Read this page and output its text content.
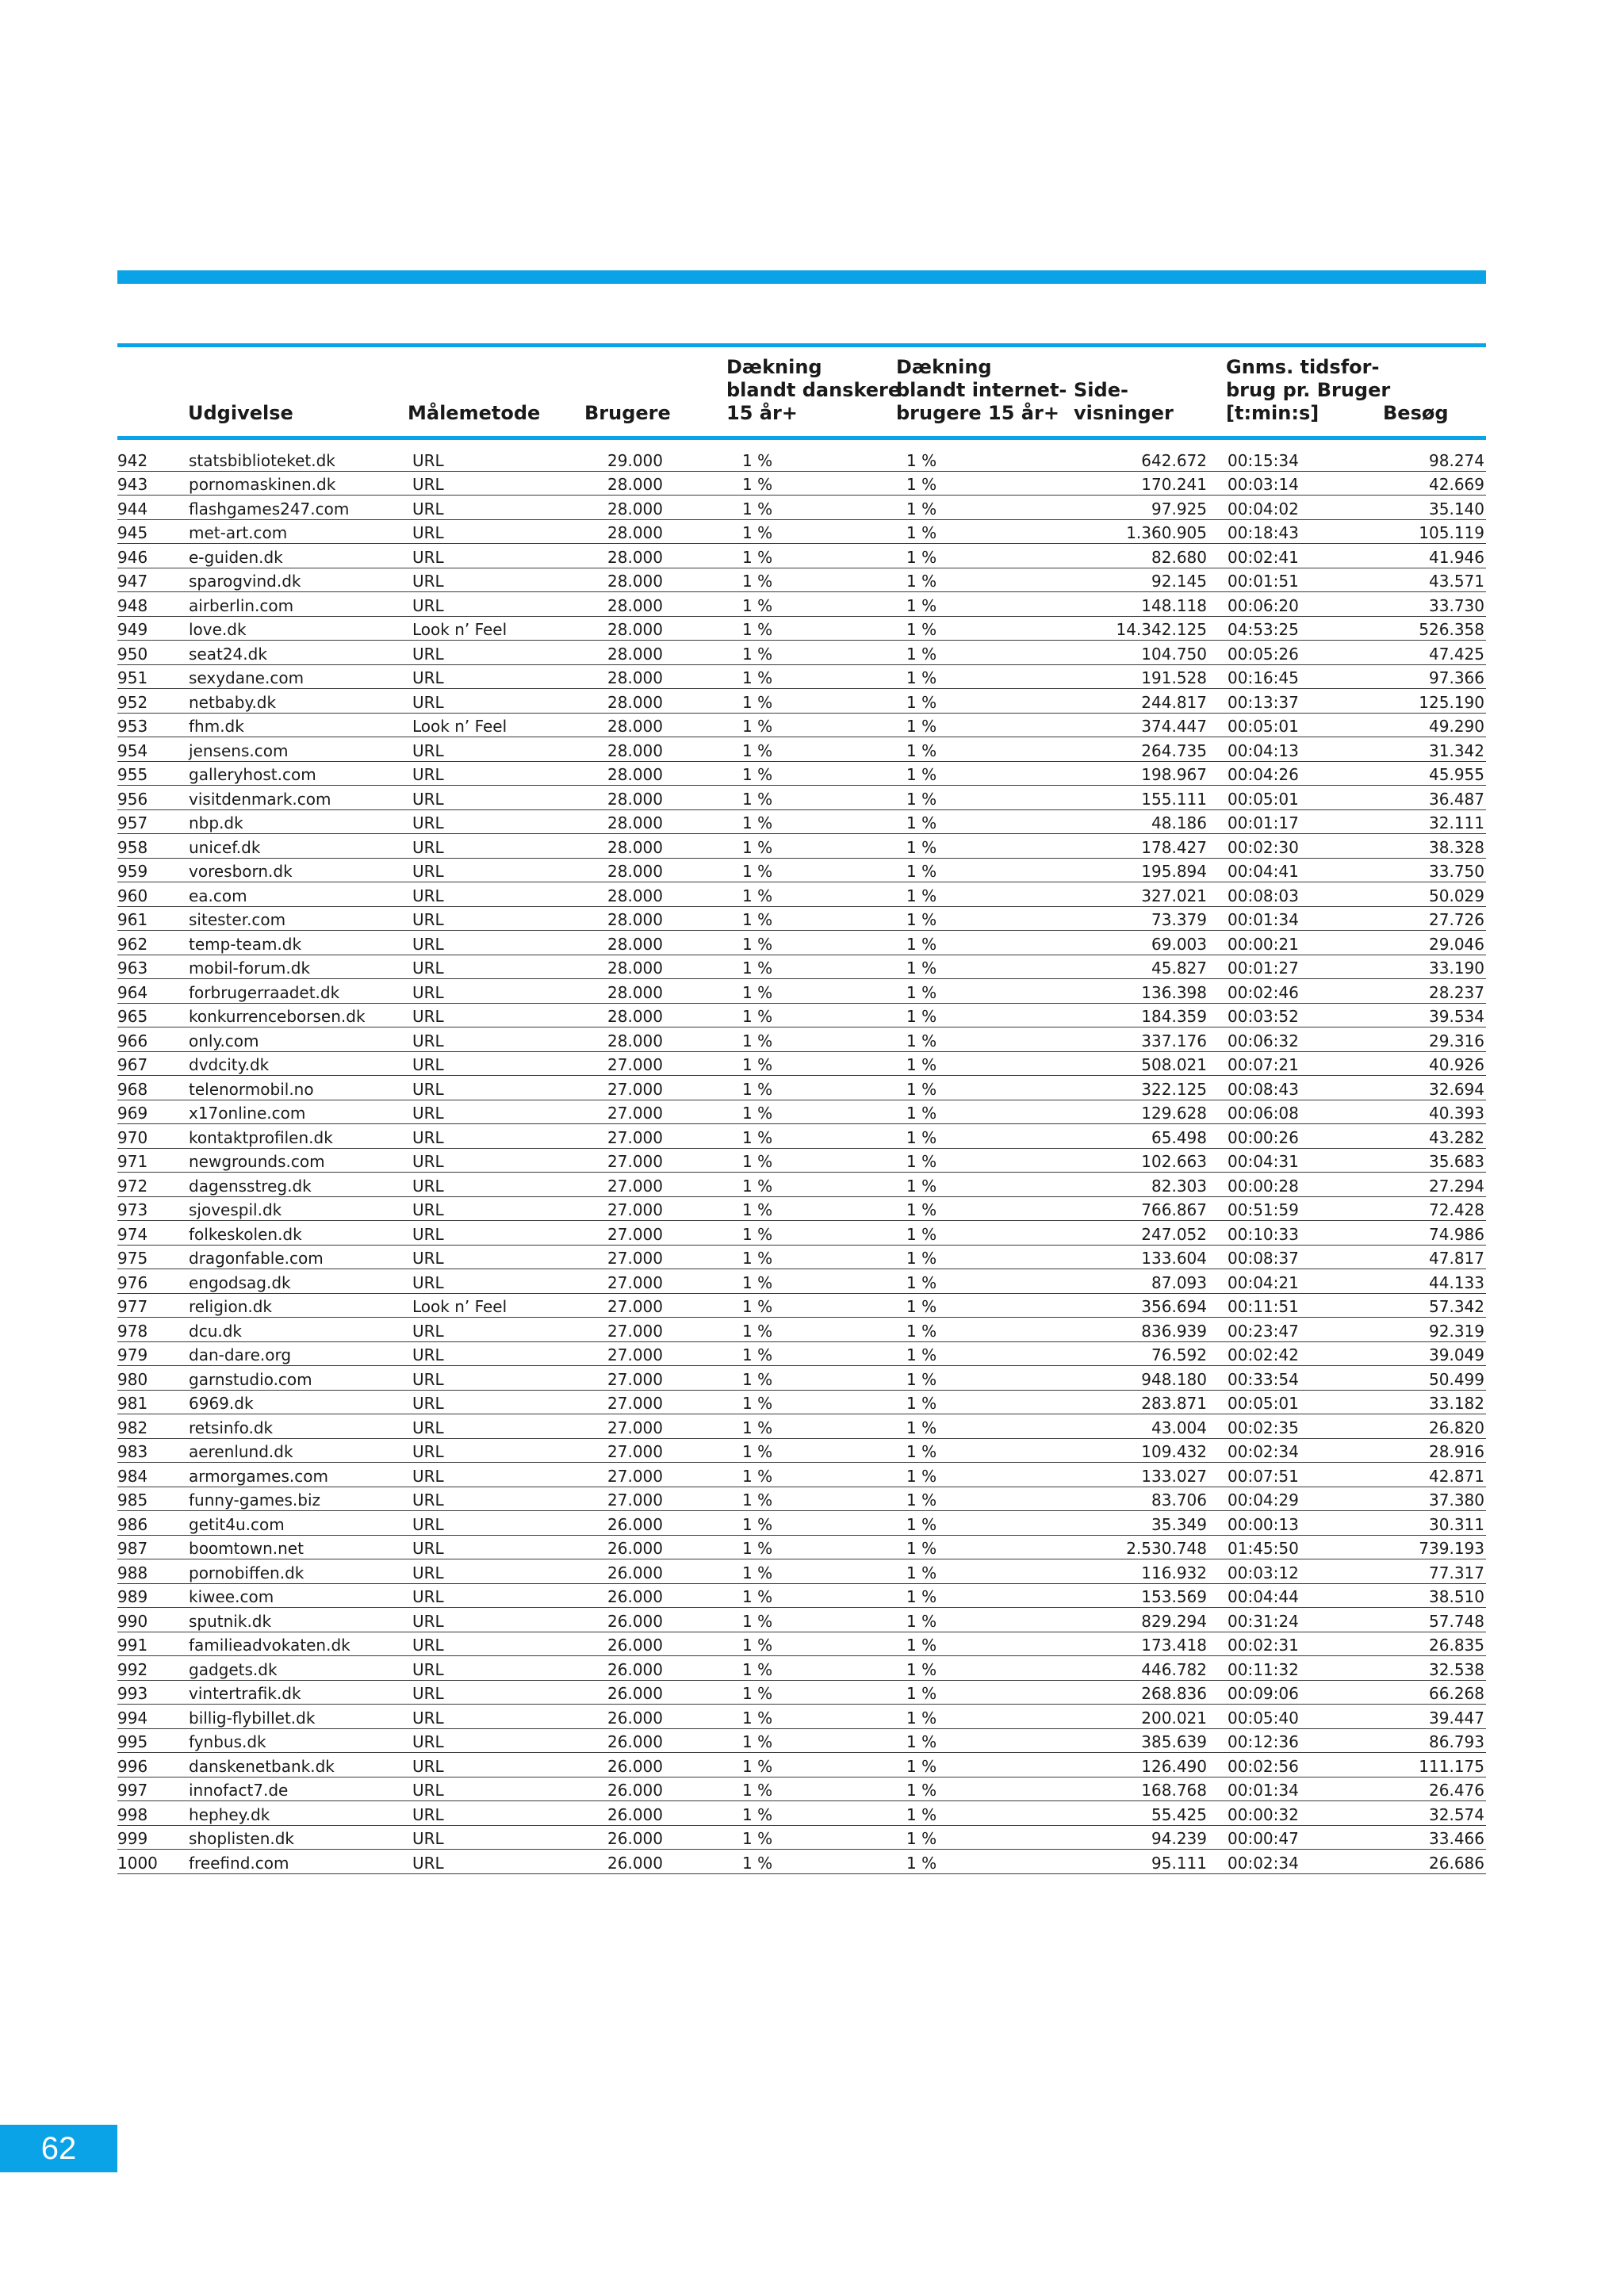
Udgivelse	Målemetode Brugere
Dækning
blandt danskere
15 år+
Dækning
blandt internet-
brugere 15 år+
Side-
visninger
Gnms. tidsfor-
brug pr. Bruger
[t:min:s]	Besøg
942	statsbiblioteket.dk	URL	29.000	1 %	1 %	642.672 00:15:34	98.274
943	pornomaskinen.dk	URL	28.000	1 %	1 %	170.241 00:03:14	42.669
944	flashgames247.com	URL	28.000	1 %	1 %	97.925 00:04:02	35.140
945	met-art.com	URL	28.000	1 %	1 %	1.360.905 00:18:43	105.119
946	e-guiden.dk	URL	28.000	1 %	1 %	82.680 00:02:41	41.946
947	sparogvind.dk	URL	28.000	1 %	1 %	92.145 00:01:51	43.571
948	airberlin.com	URL	28.000	1 %	1 %	148.118 00:06:20	33.730
949	love.dk	Look n’ Feel	28.000	1 %	1 %	14.342.125 04:53:25	526.358
950	seat24.dk	URL	28.000	1 %	1 %	104.750 00:05:26	47.425
951	sexydane.com	URL	28.000	1 %	1 %	191.528 00:16:45	97.366
952	netbaby.dk	URL	28.000	1 %	1 %	244.817 00:13:37	125.190
953	fhm.dk	Look n’ Feel	28.000	1 %	1 %	374.447 00:05:01	49.290
954	jensens.com	URL	28.000	1 %	1 %	264.735 00:04:13	31.342
955	galleryhost.com	URL	28.000	1 %	1 %	198.967 00:04:26	45.955
956	visitdenmark.com	URL	28.000	1 %	1 %	155.111 00:05:01	36.487
957	nbp.dk	URL	28.000	1 %	1 %	48.186 00:01:17	32.111
958	unicef.dk	URL	28.000	1 %	1 %	178.427 00:02:30	38.328
959	voresborn.dk	URL	28.000	1 %	1 %	195.894 00:04:41	33.750
960	ea.com	URL	28.000	1 %	1 %	327.021 00:08:03	50.029
961	sitester.com	URL	28.000	1 %	1 %	73.379 00:01:34	27.726
962	temp-team.dk	URL	28.000	1 %	1 %	69.003 00:00:21	29.046
963	mobil-forum.dk	URL	28.000	1 %	1 %	45.827 00:01:27	33.190
964	forbrugerraadet.dk	URL	28.000	1 %	1 %	136.398 00:02:46	28.237
965	konkurrenceborsen.dk	URL	28.000	1 %	1 %	184.359 00:03:52	39.534
966	only.com	URL	28.000	1 %	1 %	337.176 00:06:32	29.316
967	dvdcity.dk	URL	27.000	1 %	1 %	508.021 00:07:21	40.926
968	telenormobil.no	URL	27.000	1 %	1 %	322.125 00:08:43	32.694
969	x17online.com	URL	27.000	1 %	1 %	129.628 00:06:08	40.393
970	kontaktprofilen.dk	URL	27.000	1 %	1 %	65.498 00:00:26	43.282
971	newgrounds.com	URL	27.000	1 %	1 %	102.663 00:04:31	35.683
972	dagensstreg.dk	URL	27.000	1 %	1 %	82.303 00:00:28	27.294
973	sjovespil.dk	URL	27.000	1 %	1 %	766.867 00:51:59	72.428
974	folkeskolen.dk	URL	27.000	1 %	1 %	247.052 00:10:33	74.986
975	dragonfable.com	URL	27.000	1 %	1 %	133.604 00:08:37	47.817
976	engodsag.dk	URL	27.000	1 %	1 %	87.093 00:04:21	44.133
977	religion.dk	Look n’ Feel	27.000	1 %	1 %	356.694 00:11:51	57.342
978	dcu.dk	URL	27.000	1 %	1 %	836.939 00:23:47	92.319
979	dan-dare.org	URL	27.000	1 %	1 %	76.592 00:02:42	39.049
980	garnstudio.com	URL	27.000	1 %	1 %	948.180 00:33:54	50.499
981	6969.dk	URL	27.000	1 %	1 %	283.871 00:05:01	33.182
982	retsinfo.dk	URL	27.000	1 %	1 %	43.004 00:02:35	26.820
983	aerenlund.dk	URL	27.000	1 %	1 %	109.432 00:02:34	28.916
984	armorgames.com	URL	27.000	1 %	1 %	133.027 00:07:51	42.871
985	funny-games.biz	URL	27.000	1 %	1 %	83.706 00:04:29	37.380
986	getit4u.com	URL	26.000	1 %	1 %	35.349 00:00:13	30.311
987	boomtown.net	URL	26.000	1 %	1 %	2.530.748 01:45:50	739.193
988	pornobiffen.dk	URL	26.000	1 %	1 %	116.932 00:03:12	77.317
989	kiwee.com	URL	26.000	1 %	1 %	153.569 00:04:44	38.510
990	sputnik.dk	URL	26.000	1 %	1 %	829.294 00:31:24	57.748
991	familieadvokaten.dk	URL	26.000	1 %	1 %	173.418 00:02:31	26.835
992	gadgets.dk	URL	26.000	1 %	1 %	446.782 00:11:32	32.538
993	vintertrafik.dk	URL	26.000	1 %	1 %	268.836 00:09:06	66.268
994	billig-flybillet.dk	URL	26.000	1 %	1 %	200.021 00:05:40	39.447
995	fynbus.dk	URL	26.000	1 %	1 %	385.639 00:12:36	86.793
996	danskenetbank.dk	URL	26.000	1 %	1 %	126.490 00:02:56	111.175
997	innofact7.de	URL	26.000	1 %	1 %	168.768 00:01:34	26.476
998	hephey.dk	URL	26.000	1 %	1 %	55.425 00:00:32	32.574
999	shoplisten.dk	URL	26.000	1 %	1 %	94.239 00:00:47	33.466
1000	freefind.com	URL	26.000	1 %	1 %	95.111 00:02:34	26.686
62
